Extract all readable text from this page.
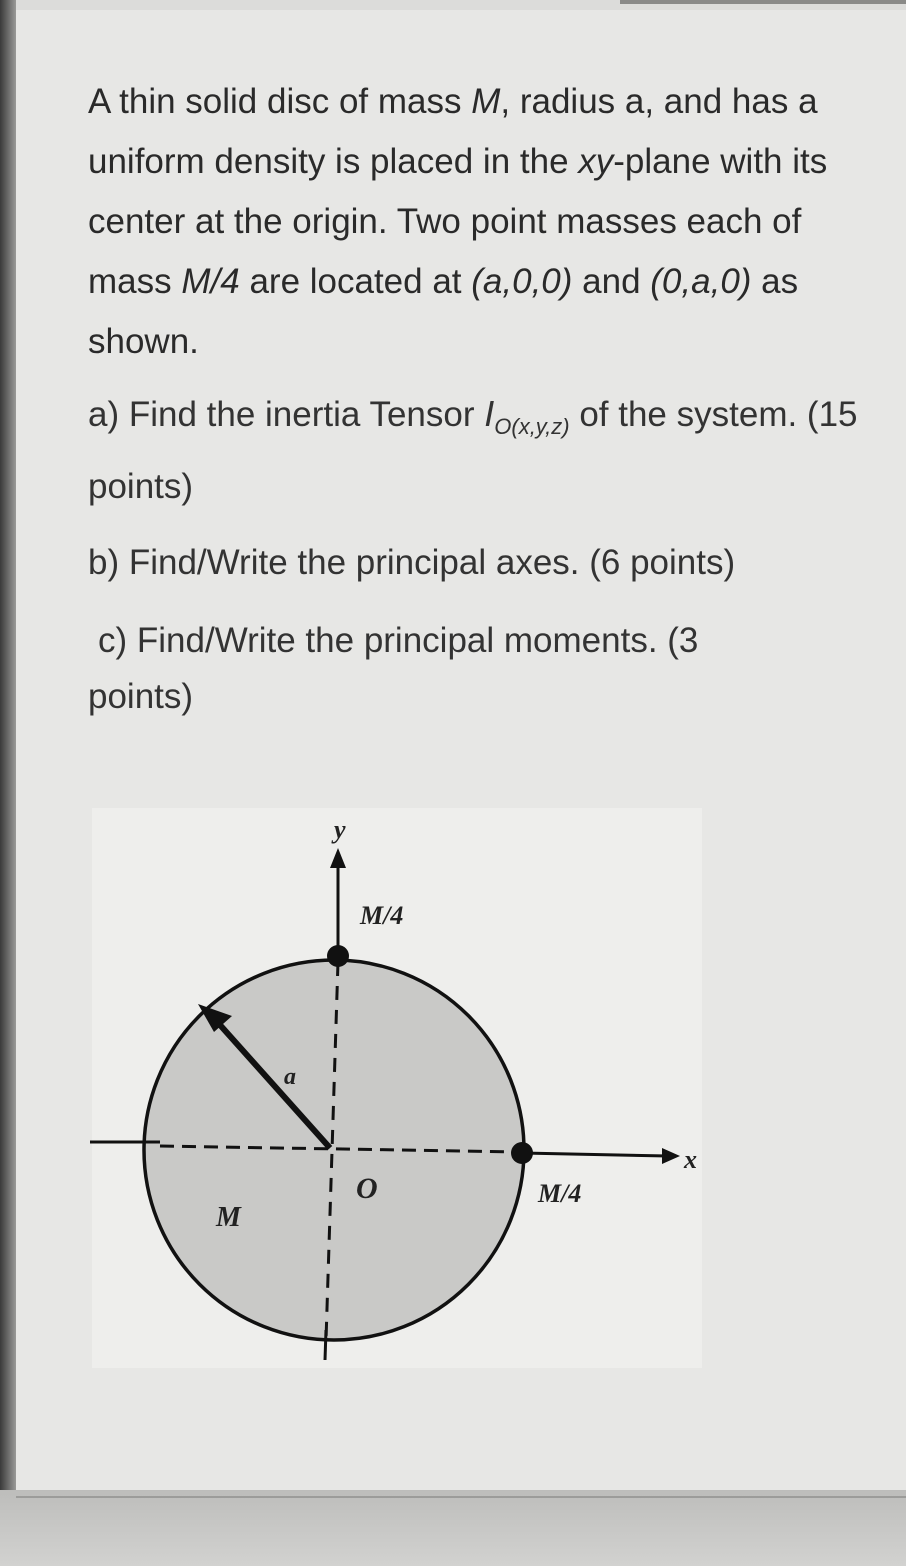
A thin solid disc of mass M, radius a, and has a uniform density is placed in the xy-plane with its center at the origin. Two point masses each of mass M/4 are located at (a,0,0) and (0,a,0) as shown.

a) Find the inertia Tensor $I_{O(x,y,z)}$ of the system. (15 points)

b) Find/Write the principal axes. (6 points)

c) Find/Write the principal moments. (3

points)

y
x
M/4
M/4
a
M
O
